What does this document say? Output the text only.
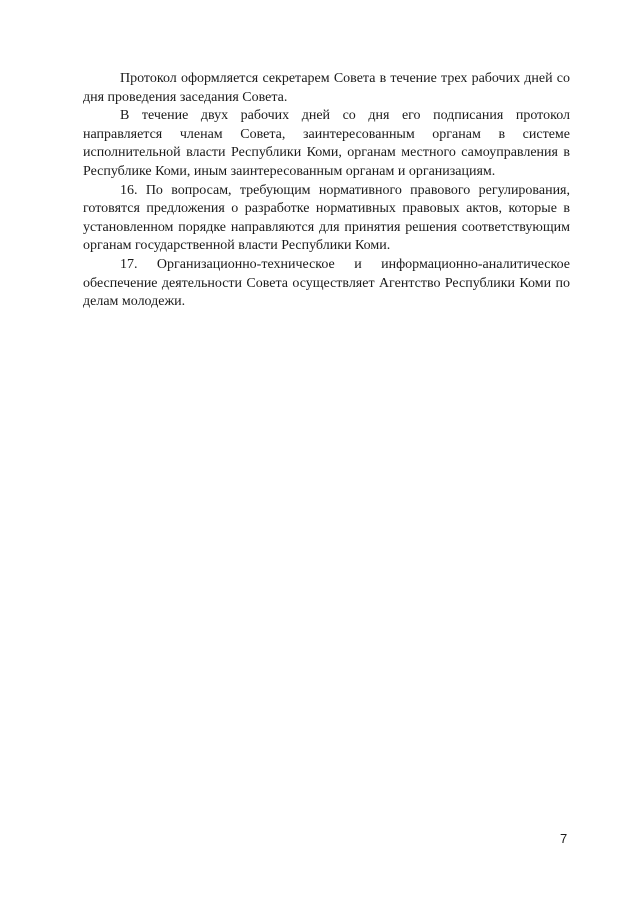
Протокол оформляется секретарем Совета в течение трех рабочих дней со дня проведения заседания Совета.

В течение двух рабочих дней со дня его подписания протокол направляется членам Совета, заинтересованным органам в системе исполнительной власти Республики Коми, органам местного самоуправления в Республике Коми, иным заинтересованным органам и организациям.

16. По вопросам, требующим нормативного правового регулирования, готовятся предложения о разработке нормативных правовых актов, которые в установленном порядке направляются для принятия решения соответствующим органам государственной власти Республики Коми.

17. Организационно-техническое и информационно-аналитическое обеспечение деятельности Совета осуществляет Агентство Республики Коми по делам молодежи.

7
